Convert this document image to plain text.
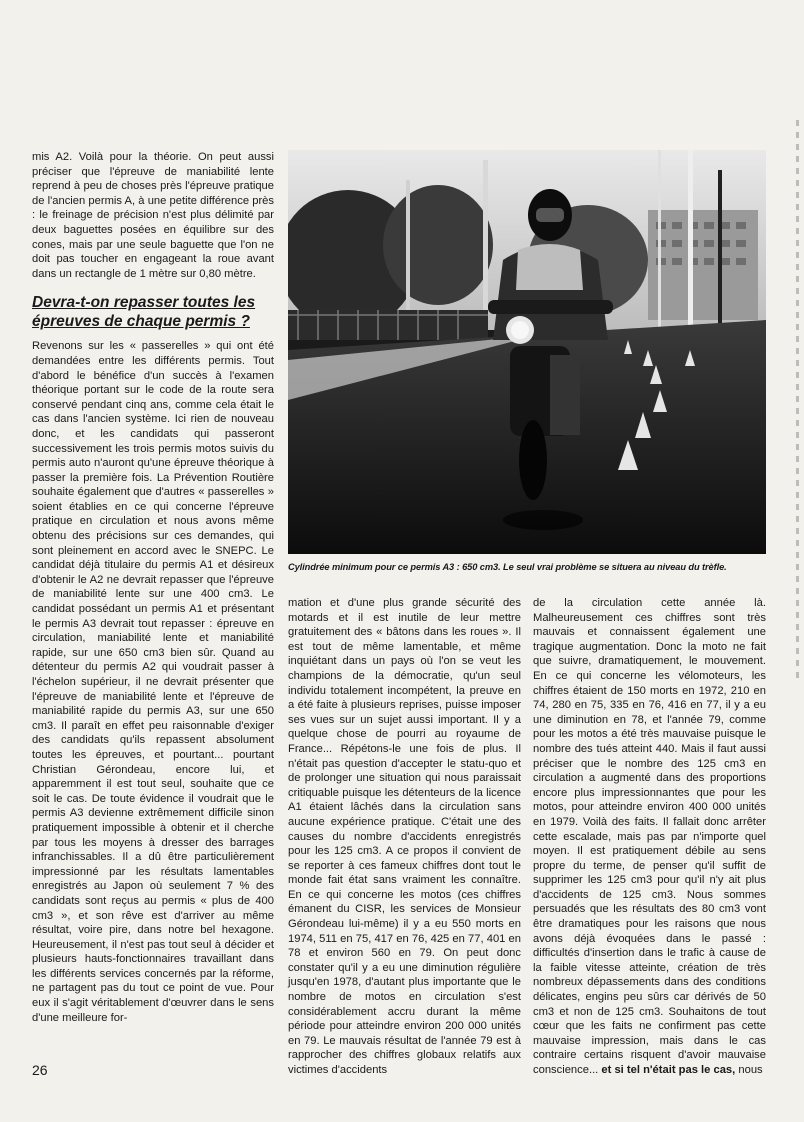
mis A2. Voilà pour la théorie. On peut aussi préciser que l'épreuve de maniabilité lente reprend à peu de choses près l'épreuve pratique de l'ancien permis A, à une petite différence près : le freinage de précision n'est plus délimité par deux baguettes posées en équilibre sur des cones, mais par une seule baguette que l'on ne doit pas toucher en engageant la roue avant dans un rectangle de 1 mètre sur 0,80 mètre.

Devra-t-on repasser toutes les épreuves de chaque permis ?

Revenons sur les « passerelles » qui ont été demandées entre les différents permis. Tout d'abord le bénéfice d'un succès à l'examen théorique portant sur le code de la route sera conservé pendant cinq ans, comme cela était le cas dans l'ancien système. Ici rien de nouveau donc, et les candidats qui passeront successivement les trois permis motos suivis du permis auto n'auront qu'une épreuve théorique à passer la première fois. La Prévention Routière souhaite également que d'autres « passerelles » soient établies en ce qui concerne l'épreuve pratique en circulation et nous avons même obtenu des précisions sur ces demandes, qui sont pleinement en accord avec le SNEPC. Le candidat déjà titulaire du permis A1 et désireux d'obtenir le A2 ne devrait repasser que l'épreuve de maniabilité lente sur une 400 cm3. Le candidat possédant un permis A1 et présentant le permis A3 devrait tout repasser : épreuve en circulation, maniabilité lente et maniabilité rapide, sur une 650 cm3 bien sûr. Quand au détenteur du permis A2 qui voudrait passer à l'échelon supérieur, il ne devrait présenter que l'épreuve de maniabilité lente et l'épreuve de maniabilité rapide du permis A3, sur une 650 cm3. Il paraît en effet peu raisonnable d'exiger des candidats qu'ils repassent absolument toutes les épreuves, et pourtant... pourtant Christian Gérondeau, encore lui, et apparemment il est tout seul, souhaite que ce soit le cas. De toute évidence il voudrait que le permis A3 devienne extrêmement difficile sinon pratiquement impossible à obtenir et il cherche par tous les moyens à dresser des barrages infranchissables. Il a dû être particulièrement impressionné par les résultats lamentables enregistrés au Japon où seulement 7 % des candidats sont reçus au permis « plus de 400 cm3 », et son rêve est d'arriver au même résultat, voire pire, dans notre bel hexagone. Heureusement, il n'est pas tout seul à décider et plusieurs hauts-fonctionnaires travaillant dans les différents services concernés par la réforme, ne partagent pas du tout ce point de vue. Pour eux il s'agit véritablement d'œuvrer dans le sens d'une meilleure for-

Cylindrée minimum pour ce permis A3 : 650 cm3. Le seul vrai problème se situera au niveau du trèfle.

mation et d'une plus grande sécurité des motards et il est inutile de leur mettre gratuitement des « bâtons dans les roues ». Il est tout de même lamentable, et même inquiétant dans un pays où l'on se veut les champions de la démocratie, qu'un seul individu totalement incompétent, la preuve en a été faite à plusieurs reprises, puisse imposer ses vues sur un sujet aussi important. Il y a quelque chose de pourri au royaume de France... Répétons-le une fois de plus. Il n'était pas question d'accepter le statu-quo et de prolonger une situation qui nous paraissait critiquable puisque les détenteurs de la licence A1 étaient lâchés dans la circulation sans aucune expérience pratique. C'était une des causes du nombre d'accidents enregistrés pour les 125 cm3. A ce propos il convient de se reporter à ces fameux chiffres dont tout le monde fait état sans vraiment les connaître. En ce qui concerne les motos (ces chiffres émanent du CISR, les services de Monsieur Gérondeau lui-même) il y a eu 550 morts en 1974, 511 en 75, 417 en 76, 425 en 77, 401 en 78 et environ 560 en 79. On peut donc constater qu'il y a eu une diminution régulière jusqu'en 1978, d'autant plus importante que le nombre de motos en circulation s'est considérablement accru durant la même période pour atteindre environ 200 000 unités en 79. Le mauvais résultat de l'année 79 est à rapprocher des chiffres globaux relatifs aux victimes d'accidents

de la circulation cette année là. Malheureusement ces chiffres sont très mauvais et connaissent également une tragique augmentation. Donc la moto ne fait que suivre, dramatiquement, le mouvement. En ce qui concerne les vélomoteurs, les chiffres étaient de 150 morts en 1972, 210 en 74, 280 en 75, 335 en 76, 416 en 77, il y a eu une diminution en 78, et l'année 79, comme pour les motos a été très mauvaise puisque le nombre des tués atteint 440. Mais il faut aussi préciser que le nombre des 125 cm3 en circulation a augmenté dans des proportions encore plus impressionnantes que pour les motos, pour atteindre environ 400 000 unités en 1979. Voilà des faits. Il fallait donc arrêter cette escalade, mais pas par n'importe quel moyen. Il est pratiquement débile au sens propre du terme, de penser qu'il suffit de supprimer les 125 cm3 pour qu'il n'y ait plus d'accidents de 125 cm3. Nous sommes persuadés que les résultats des 80 cm3 vont être dramatiques pour les raisons que nous avons déjà évoquées dans le passé : difficultés d'insertion dans le trafic à cause de la faible vitesse atteinte, création de très nombreux dépassements dans des conditions délicates, engins peu sûrs car dérivés de 50 cm3 et non de 125 cm3. Souhaitons de tout cœur que les faits ne confirment pas cette mauvaise impression, mais dans le cas contraire certains risquent d'avoir mauvaise conscience... et si tel n'était pas le cas, nous

26
